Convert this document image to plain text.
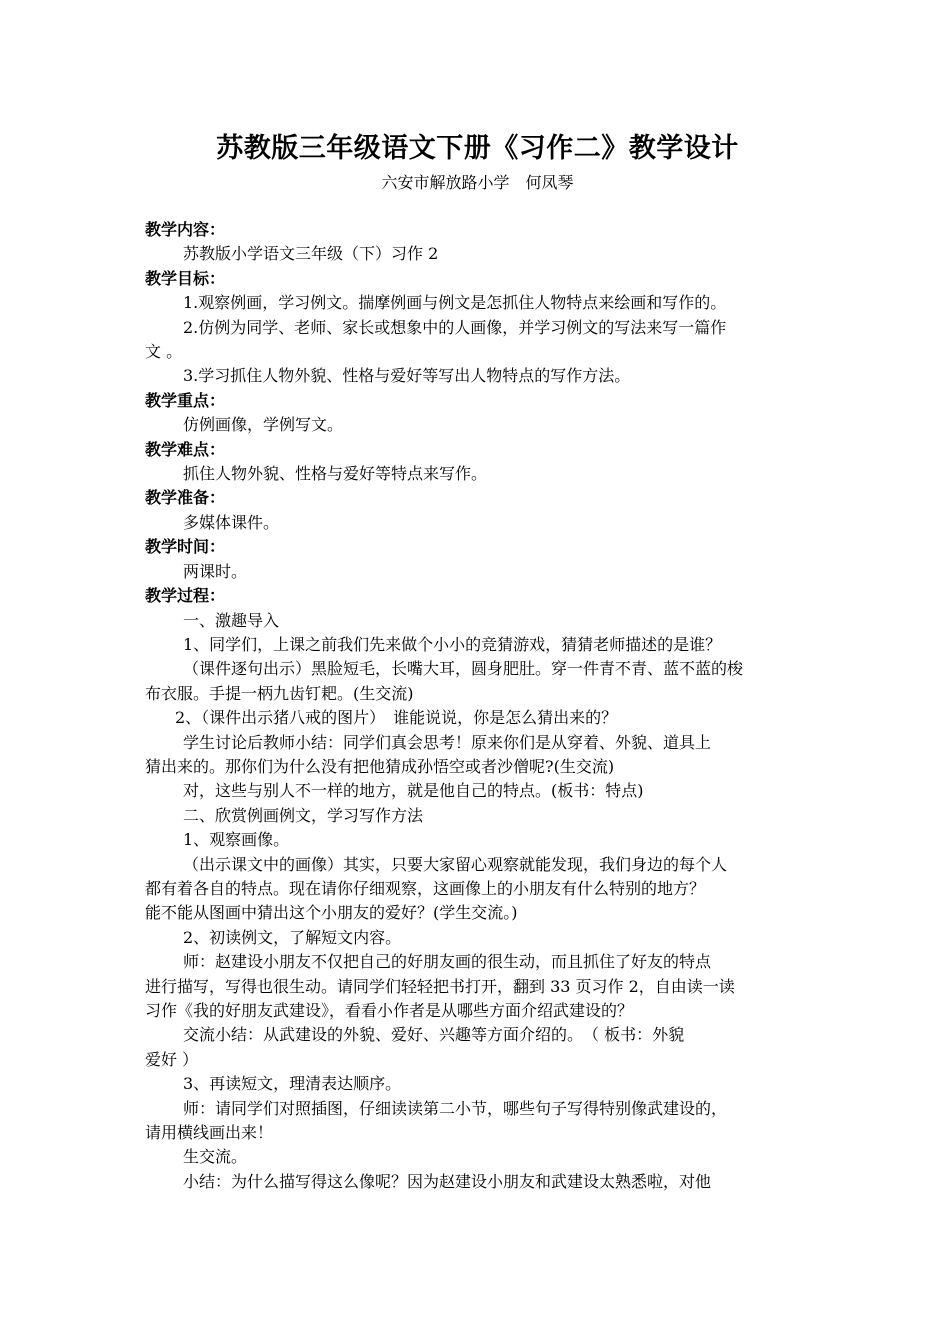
苏教版三年级语文下册《习作二》教学设计

六安市解放路小学　何凤琴

教学内容：

苏教版小学语文三年级（下）习作 2

教学目标：

1.观察例画，学习例文。揣摩例画与例文是怎抓住人物特点来绘画和写作的。

2.仿例为同学、老师、家长或想象中的人画像，并学习例文的写法来写一篇作

文 。

3.学习抓住人物外貌、性格与爱好等写出人物特点的写作方法。

教学重点：

仿例画像，学例写文。

教学难点：

抓住人物外貌、性格与爱好等特点来写作。

教学准备：

多媒体课件。

教学时间：

两课时。

教学过程：

一、激趣导入

1、同学们，上课之前我们先来做个小小的竞猜游戏，猜猜老师描述的是谁？

（课件逐句出示）黑脸短毛，长嘴大耳，圆身肥肚。穿一件青不青、蓝不蓝的梭

布衣服。手提一柄九齿钉耙。(生交流)

2、（课件出示猪八戒的图片）　谁能说说，你是怎么猜出来的？

学生讨论后教师小结：同学们真会思考！原来你们是从穿着、外貌、道具上

猜出来的。那你们为什么没有把他猜成孙悟空或者沙僧呢?(生交流)

对，这些与别人不一样的地方，就是他自己的特点。(板书：特点)

二、欣赏例画例文，学习写作方法

1、观察画像。

（出示课文中的画像）其实，只要大家留心观察就能发现，我们身边的每个人

都有着各自的特点。现在请你仔细观察，这画像上的小朋友有什么特别的地方？

能不能从图画中猜出这个小朋友的爱好？(学生交流。)

2、初读例文，了解短文内容。

师：赵建设小朋友不仅把自己的好朋友画的很生动，而且抓住了好友的特点

进行描写，写得也很生动。请同学们轻轻把书打开，翻到 33 页习作 2，自由读一读

习作《我的好朋友武建设》，看看小作者是从哪些方面介绍武建设的？

交流小结：从武建设的外貌、爱好、兴趣等方面介绍的。　（ 板书：外貌

爱好 ）

3、再读短文，理清表达顺序。

师：请同学们对照插图，仔细读读第二小节，哪些句子写得特别像武建设的，

请用横线画出来！

生交流。

小结：为什么描写得这么像呢？因为赵建设小朋友和武建设太熟悉啦，对他
